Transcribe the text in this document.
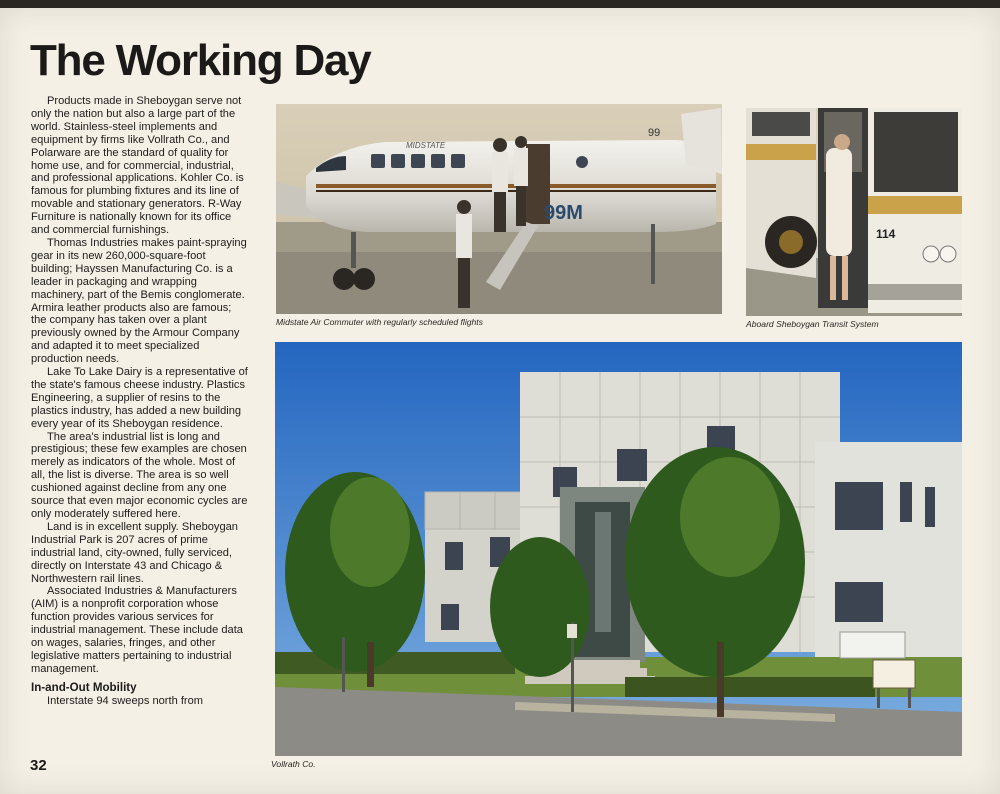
The Working Day

Products made in Sheboygan serve not only the nation but also a large part of the world. Stainless-steel implements and equipment by firms like Vollrath Co., and Polarware are the standard of quality for home use, and for commercial, industrial, and professional applications. Kohler Co. is famous for plumbing fixtures and its line of movable and stationary generators. R-Way Furniture is nationally known for its office and commercial furnishings.

Thomas Industries makes paint-spraying gear in its new 260,000-square-foot building; Hayssen Manufacturing Co. is a leader in packaging and wrapping machinery, part of the Bemis conglomerate. Armira leather products also are famous; the company has taken over a plant previously owned by the Armour Company and adapted it to meet specialized production needs.

Lake To Lake Dairy is a representative of the state's famous cheese industry. Plastics Engineering, a supplier of resins to the plastics industry, has added a new building every year of its Sheboygan residence.

The area's industrial list is long and prestigious; these few examples are chosen merely as indicators of the whole. Most of all, the list is diverse. The area is so well cushioned against decline from any one source that even major economic cycles are only moderately suffered here.

Land is in excellent supply. Sheboygan Industrial Park is 207 acres of prime industrial land, city-owned, fully serviced, directly on Interstate 43 and Chicago & Northwestern rail lines.

Associated Industries & Manufacturers (AIM) is a nonprofit corporation whose function provides various services for industrial management. These include data on wages, salaries, fringes, and other legislative matters pertaining to industrial management.

In-and-Out Mobility

Interstate 94 sweeps north from

32
99
MIDSTATE
99M
Midstate Air Commuter with regularly scheduled flights
114
Aboard Sheboygan Transit System
Vollrath Co.
